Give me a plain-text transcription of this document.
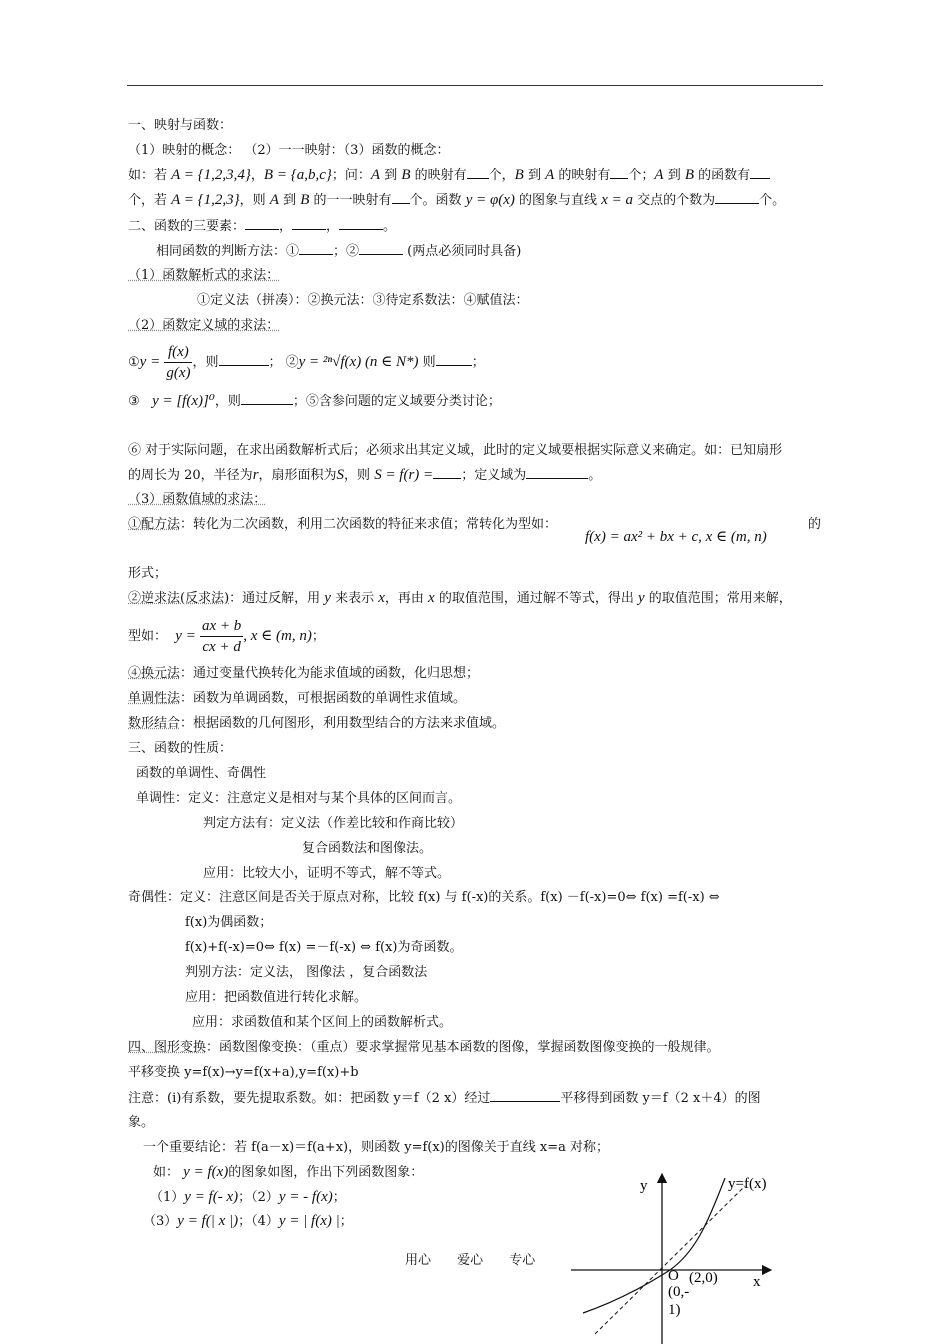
一、映射与函数：
（1）映射的概念： （2）一一映射：（3）函数的概念：
如：若 A = {1,2,3,4}，B = {a,b,c}；问：A 到 B 的映射有 个，B 到 A 的映射有 个；A 到 B 的函数有
个，若 A = {1,2,3}，则 A 到 B 的一一映射有 个。函数 y = φ(x) 的图象与直线 x = a 交点的个数为	个。
二、函数的三要素：	，	，	。
相同函数的判断方法：①	；②	(两点必须同时具备)
（1）函数解析式的求法：
①定义法（拼凑）：②换元法：③待定系数法：④赋值法：
（2）函数定义域的求法：
①y = $\frac{f(x)}{g(x)}$ ，则	； ②y = ²ⁿ√f(x) (n ∈ N*) 则	；
③ y = [f(x)]⁰，则	；⑤含参问题的定义域要分类讨论；
⑥ 对于实际问题，在求出函数解析式后；必须求出其定义域，此时的定义域要根据实际意义来确定。如：已知扇形
的周长为 20，半径为r，扇形面积为S，则 S = f(r) = ；定义域为	。
（3）函数值域的求法：
①配方法：转化为二次函数，利用二次函数的特征来求值；常转化为型如：
f(x) = ax² + bx + c, x ∈ (m, n)
的
形式；
②逆求法(反求法)：通过反解，用 y 来表示 x，再由 x 的取值范围，通过解不等式，得出 y 的取值范围；常用来解，
型如： $y = \frac{ax + b}{cx + d}$ , x ∈ (m, n)；
④换元法：通过变量代换转化为能求值域的函数，化归思想；
单调性法：函数为单调函数，可根据函数的单调性求值域。
数形结合：根据函数的几何图形，利用数型结合的方法来求值域。
三、函数的性质：
函数的单调性、奇偶性
单调性：定义：注意定义是相对与某个具体的区间而言。
判定方法有：定义法（作差比较和作商比较）
复合函数法和图像法。
应用：比较大小，证明不等式，解不等式。
奇偶性：定义：注意区间是否关于原点对称，比较 f(x) 与 f(-x)的关系。f(x) －f(-x)=0⇔ f(x) =f(-x) ⇔
f(x)为偶函数；
f(x)+f(-x)=0⇔ f(x) =－f(-x) ⇔ f(x)为奇函数。
判别方法：定义法， 图像法 ，复合函数法
应用：把函数值进行转化求解。
应用：求函数值和某个区间上的函数解析式。
四、图形变换：函数图像变换：（重点）要求掌握常见基本函数的图像，掌握函数图像变换的一般规律。
平移变换 y=f(x)→y=f(x+a),y=f(x)+b
注意：(ⅰ)有系数，要先提取系数。如：把函数 y＝f（2 x）经过	平移得到函数 y＝f（2 x＋4）的图
象。
一个重要结论：若 f(a－x)＝f(a+x)，则函数 y=f(x)的图像关于直线 x=a 对称；
如： y = f(x)的图象如图，作出下列函数图象：
（1）y = f(- x)；（2）y = - f(x)；
（3）y = f(| x |)；（4）y = | f(x) |；
用心 爱心 专心
y
x
y=f(x)
O (2,0)
(0,-
1)
